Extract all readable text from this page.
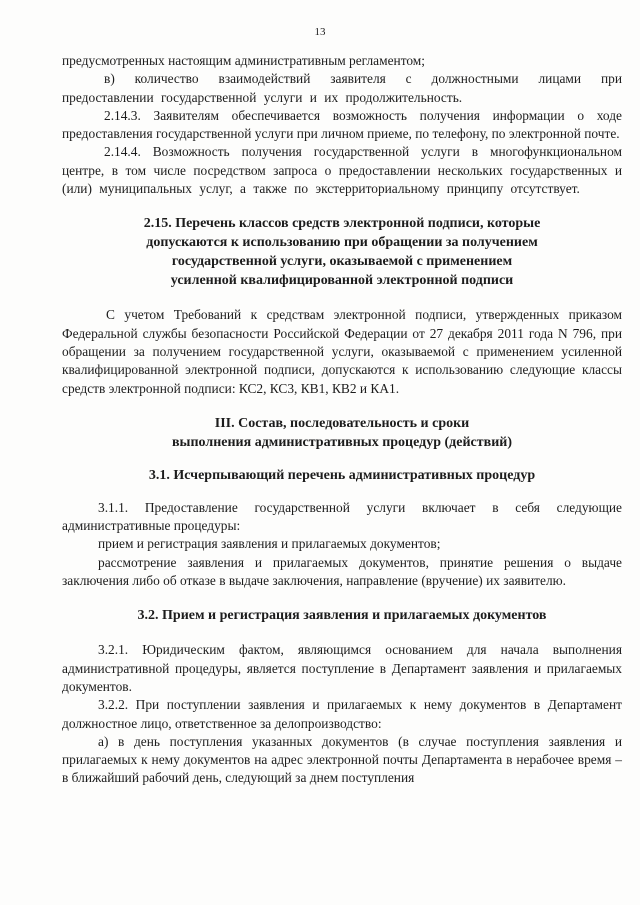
13

предусмотренных настоящим административным регламентом;

в) количество взаимодействий заявителя с должностными лицами при предоставлении государственной услуги и их продолжительность.

2.14.3. Заявителям обеспечивается возможность получения информации о ходе предоставления государственной услуги при личном приеме, по телефону, по электронной почте.

2.14.4. Возможность получения государственной услуги в многофункциональном центре, в том числе посредством запроса о предоставлении нескольких государственных и (или) муниципальных услуг, а также по экстерриториальному принципу отсутствует.

2.15. Перечень классов средств электронной подписи, которые
допускаются к использованию при обращении за получением
государственной услуги, оказываемой с применением
усиленной квалифицированной электронной подписи

С учетом Требований к средствам электронной подписи, утвержденных приказом Федеральной службы безопасности Российской Федерации от 27 декабря 2011 года N 796, при обращении за получением государственной услуги, оказываемой с применением усиленной квалифицированной электронной подписи, допускаются к использованию следующие классы средств электронной подписи: КС2, КС3, КВ1, КВ2 и КА1.

III. Состав, последовательность и сроки
выполнения административных процедур (действий)
3.1. Исчерпывающий перечень административных процедур

3.1.1. Предоставление государственной услуги включает в себя следующие административные процедуры:

прием и регистрация заявления и прилагаемых документов;

рассмотрение заявления и прилагаемых документов, принятие решения о выдаче заключения либо об отказе в выдаче заключения, направление (вручение) их заявителю.

3.2. Прием и регистрация заявления и прилагаемых документов

3.2.1. Юридическим фактом, являющимся основанием для начала выполнения административной процедуры, является поступление в Департамент заявления и прилагаемых документов.

3.2.2. При поступлении заявления и прилагаемых к нему документов в Департамент должностное лицо, ответственное за делопроизводство:

а) в день поступления указанных документов (в случае поступления заявления и прилагаемых к нему документов на адрес электронной почты Департамента в нерабочее время – в ближайший рабочий день, следующий за днем поступления
